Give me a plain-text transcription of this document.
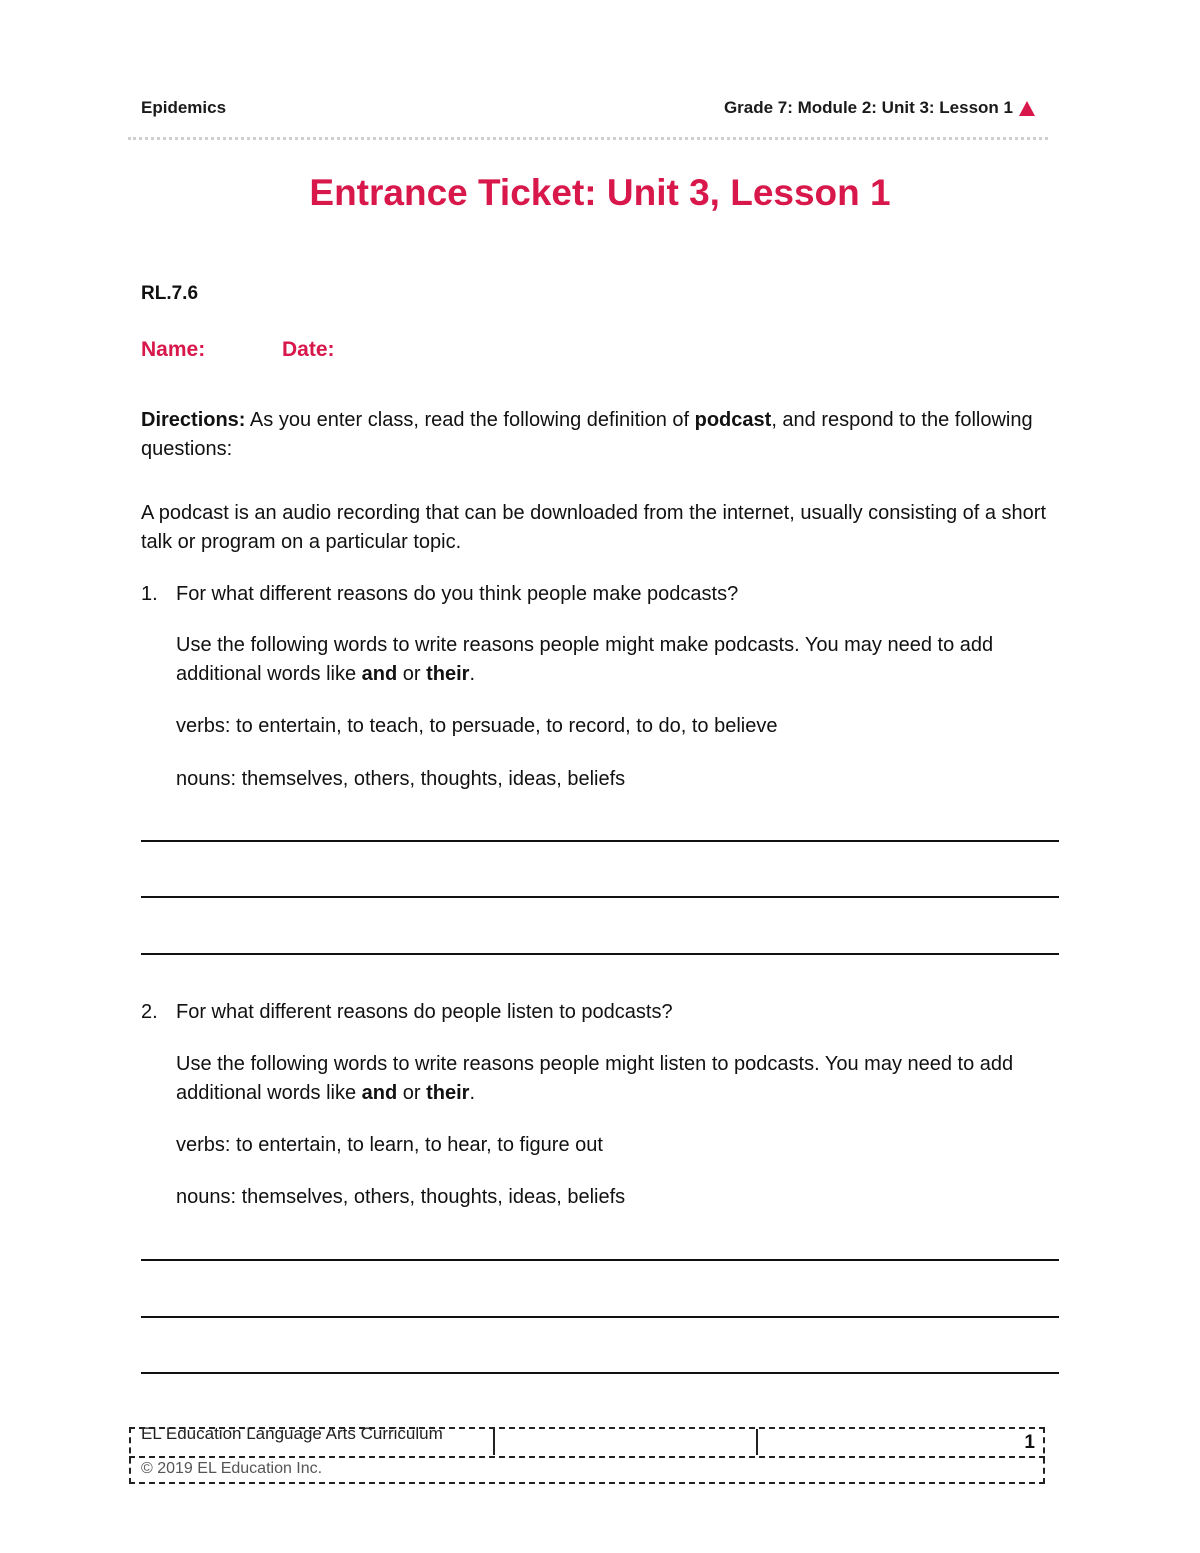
Epidemics	Grade 7: Module 2: Unit 3: Lesson 1
Entrance Ticket: Unit 3, Lesson 1
RL.7.6
Name:	Date:
Directions: As you enter class, read the following definition of podcast, and respond to the following questions:
A podcast is an audio recording that can be downloaded from the internet, usually consisting of a short talk or program on a particular topic.
1. For what different reasons do you think people make podcasts?
Use the following words to write reasons people might make podcasts. You may need to add additional words like and or their.
verbs: to entertain, to teach, to persuade, to record, to do, to believe
nouns: themselves, others, thoughts, ideas, beliefs
2. For what different reasons do people listen to podcasts?
Use the following words to write reasons people might listen to podcasts. You may need to add additional words like and or their.
verbs: to entertain, to learn, to hear, to figure out
nouns: themselves, others, thoughts, ideas, beliefs
EL Education Language Arts Curriculum
© 2019 EL Education Inc.
1
